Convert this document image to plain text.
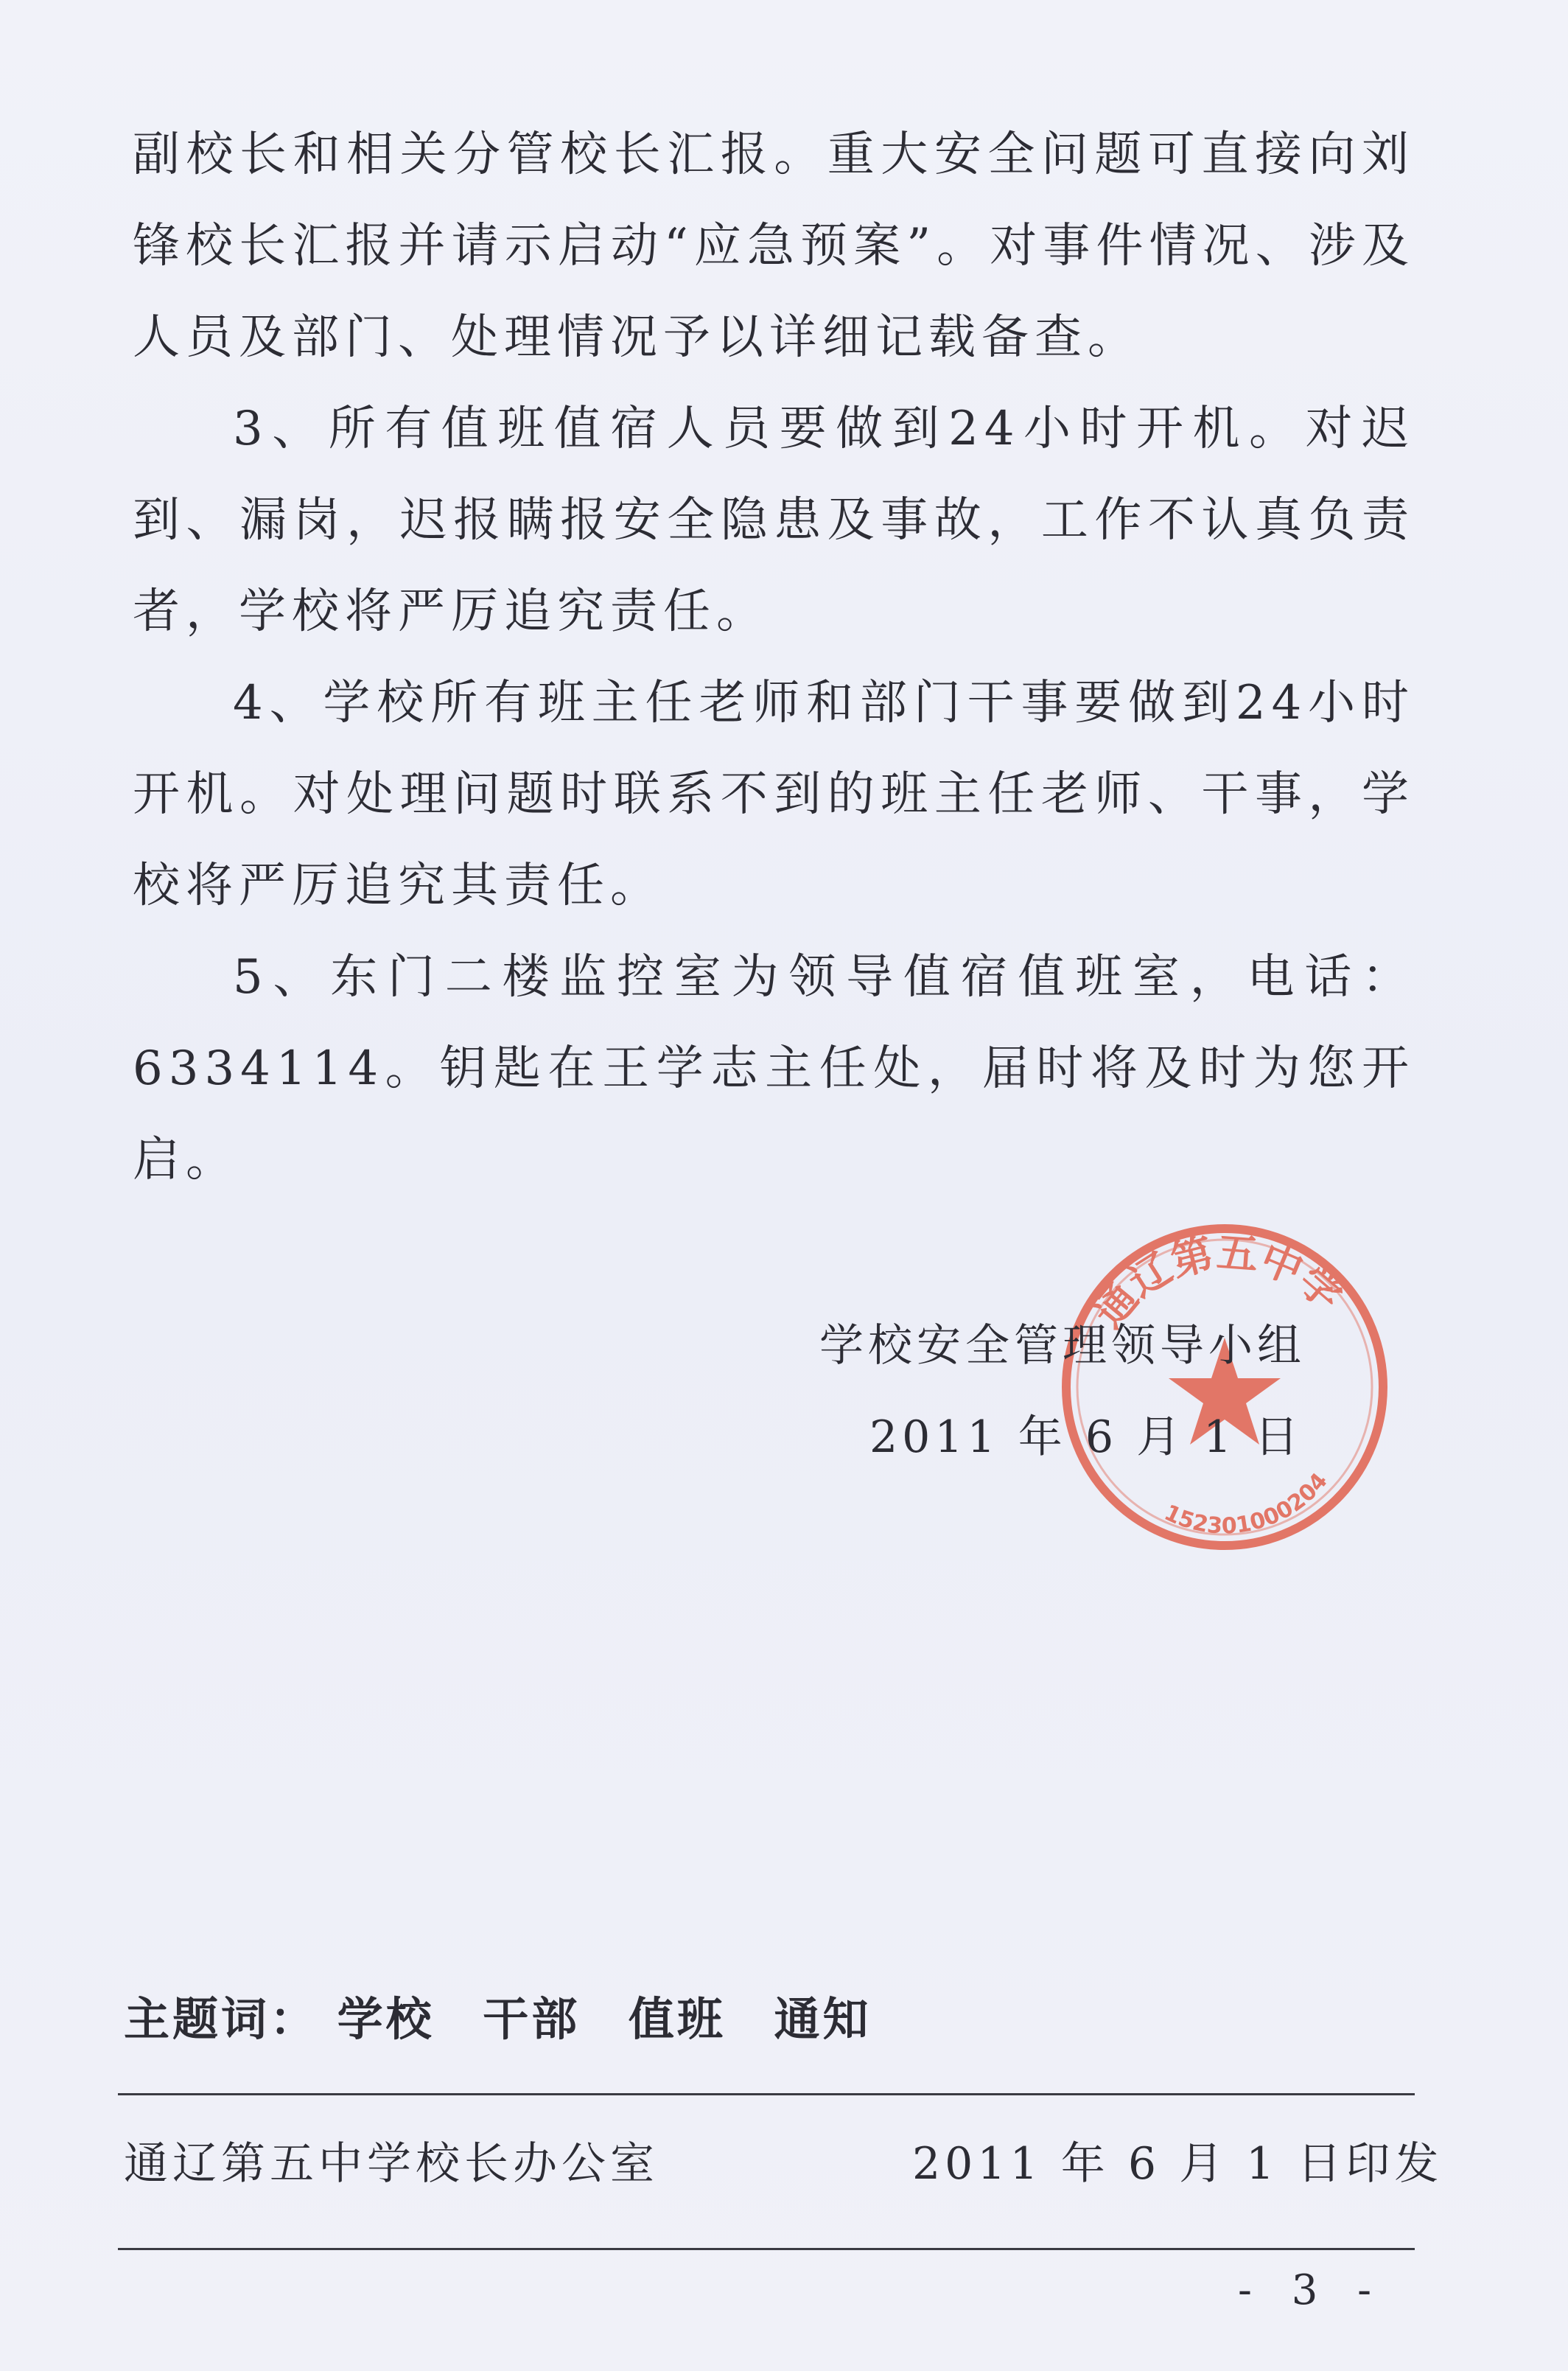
副校长和相关分管校长汇报。重大安全问题可直接向刘锋校长汇报并请示启动“应急预案”。对事件情况、涉及人员及部门、处理情况予以详细记载备查。

3、所有值班值宿人员要做到24小时开机。对迟到、漏岗，迟报瞒报安全隐患及事故，工作不认真负责者，学校将严厉追究责任。

4、学校所有班主任老师和部门干事要做到24小时开机。对处理问题时联系不到的班主任老师、干事，学校将严厉追究其责任。

5、东门二楼监控室为领导值宿值班室，电话：6334114。钥匙在王学志主任处，届时将及时为您开启。

通辽第五中学
152301000204
学校安全管理领导小组
2011 年 6 月 1 日
主题词： 学校 干部 值班 通知
通辽第五中学校长办公室	2011 年 6 月 1 日印发
- 3 -
